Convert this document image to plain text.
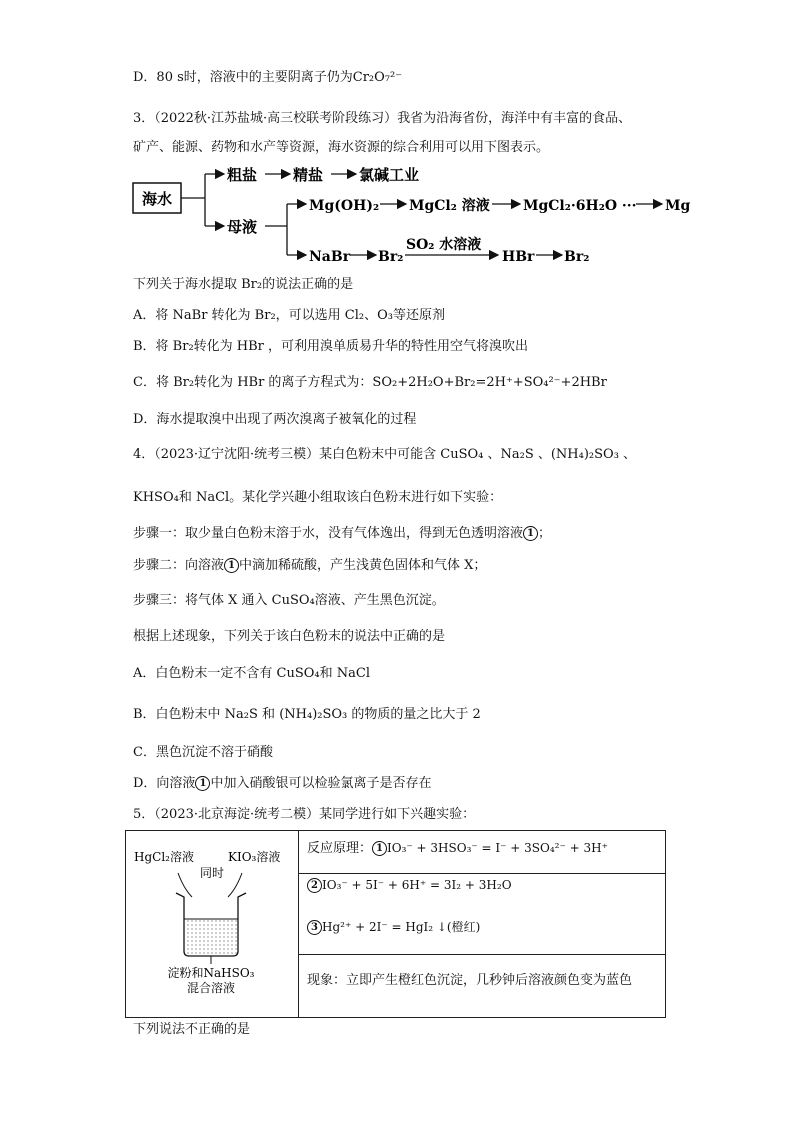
D．80 s时，溶液中的主要阴离子仍为Cr₂O₇²⁻
3．（2022秋·江苏盐城·高三校联考阶段练习）我省为沿海省份，海洋中有丰富的食品、
矿产、能源、药物和水产等资源，海水资源的综合利用可以用下图表示。
海水
粗盐 精盐 氯碱工业
母液
Mg(OH)₂ MgCl₂ 溶液 MgCl₂·6H₂O ··· Mg
NaBr Br₂
SO₂ 水溶液
HBr Br₂
下列关于海水提取 Br₂的说法正确的是
A．将 NaBr 转化为 Br₂，可以选用 Cl₂、O₃等还原剂
B．将 Br₂转化为 HBr ，可利用溴单质易升华的特性用空气将溴吹出
C．将 Br₂转化为 HBr 的离子方程式为：SO₂+2H₂O+Br₂=2H⁺+SO₄²⁻+2HBr
D．海水提取溴中出现了两次溴离子被氧化的过程
4．（2023·辽宁沈阳·统考三模）某白色粉末中可能含 CuSO₄ 、Na₂S 、(NH₄)₂SO₃ 、
KHSO₄和 NaCl。某化学兴趣小组取该白色粉末进行如下实验：
步骤一：取少量白色粉末溶于水，没有气体逸出，得到无色透明溶液 1 ；
步骤二：向溶液 1 中滴加稀硫酸，产生浅黄色固体和气体 X；
步骤三：将气体 X 通入 CuSO₄溶液、产生黑色沉淀。
根据上述现象，下列关于该白色粉末的说法中正确的是
A．白色粉末一定不含有 CuSO₄和 NaCl
B．白色粉末中 Na₂S 和 (NH₄)₂SO₃ 的物质的量之比大于 2
C．黑色沉淀不溶于硝酸
D．向溶液 1 中加入硝酸银可以检验氯离子是否存在
5．（2023·北京海淀·统考二模）某同学进行如下兴趣实验：
HgCl₂溶液	KIO₃溶液
同时
淀粉和NaHSO₃
混合溶液
	反应原理： 1 IO₃⁻ + 3HSO₃⁻ = I⁻ + 3SO₄²⁻ + 3H⁺
2 IO₃⁻ + 5I⁻ + 6H⁺ = 3I₂ + 3H₂O
3 Hg²⁺ + 2I⁻ = HgI₂ ↓(橙红)
现象：立即产生橙红色沉淀，几秒钟后溶液颜色变为蓝色
下列说法不正确的是
